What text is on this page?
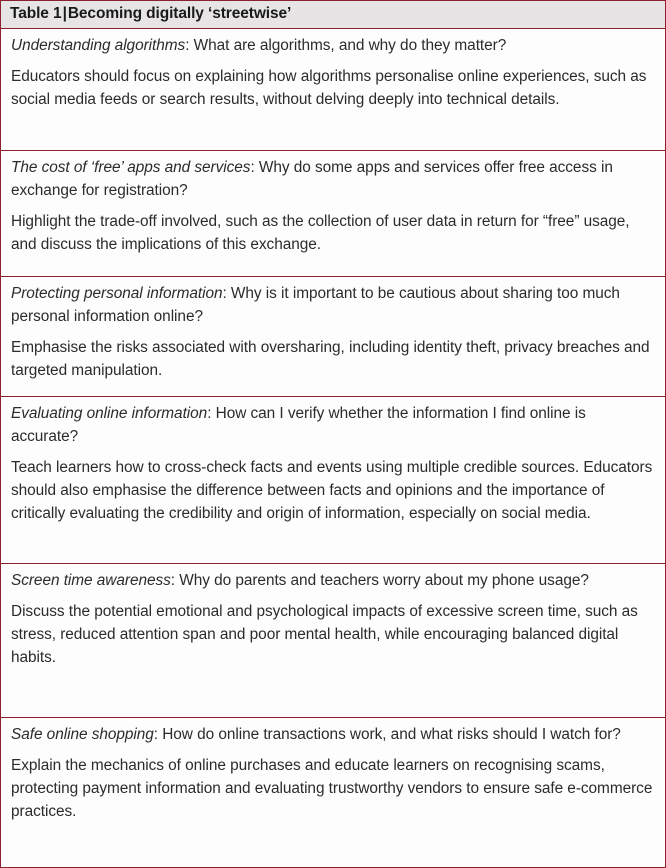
Table 1|Becoming digitally ‘streetwise’

Understanding algorithms: What are algorithms, and why do they matter?

Educators should focus on explaining how algorithms personalise online experiences, such as social media feeds or search results, without delving deeply into technical details.

The cost of ‘free’ apps and services: Why do some apps and services offer free access in exchange for registration?

Highlight the trade-off involved, such as the collection of user data in return for “free” usage, and discuss the implications of this exchange.

Protecting personal information: Why is it important to be cautious about sharing too much personal information online?

Emphasise the risks associated with oversharing, including identity theft, privacy breaches and targeted manipulation.

Evaluating online information: How can I verify whether the information I find online is accurate?

Teach learners how to cross-check facts and events using multiple credible sources. Educators should also emphasise the difference between facts and opinions and the importance of critically evaluating the credibility and origin of information, especially on social media.

Screen time awareness: Why do parents and teachers worry about my phone usage?

Discuss the potential emotional and psychological impacts of excessive screen time, such as stress, reduced attention span and poor mental health, while encouraging balanced digital habits.

Safe online shopping: How do online transactions work, and what risks should I watch for?

Explain the mechanics of online purchases and educate learners on recognising scams, protecting payment information and evaluating trustworthy vendors to ensure safe e-commerce practices.
